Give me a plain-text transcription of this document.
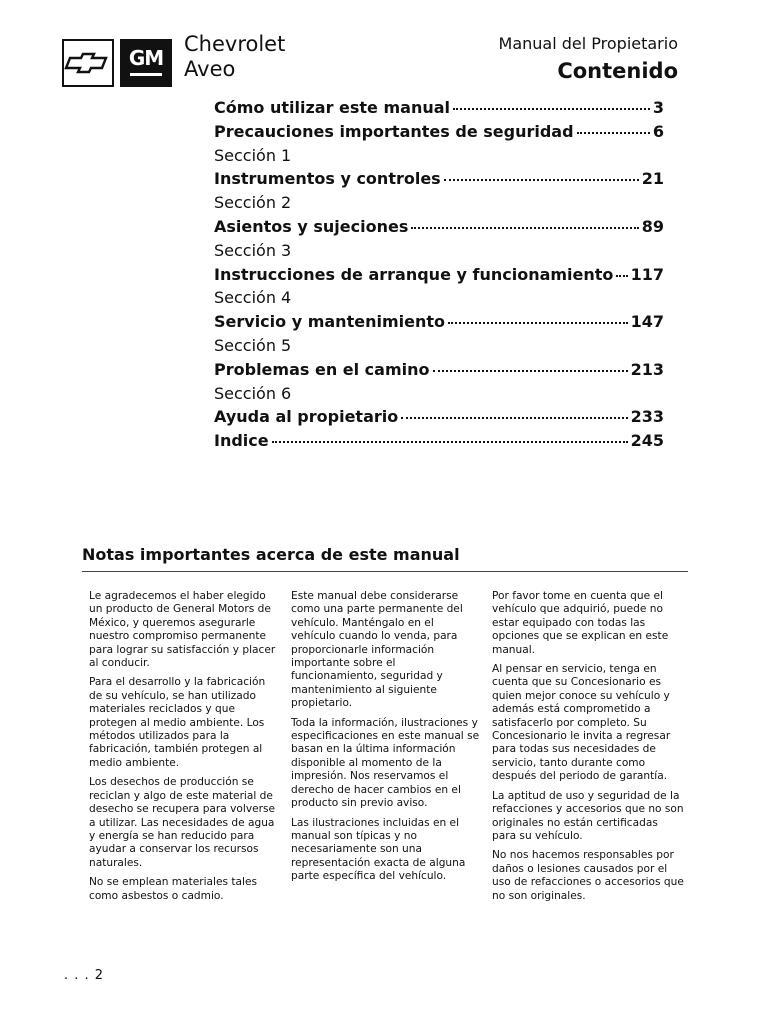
GM
Chevrolet
Aveo
Manual del Propietario
Contenido
Cómo utilizar este manual	3
Precauciones importantes de seguridad	6
Sección 1
Instrumentos y controles	21
Sección 2
Asientos y sujeciones	89
Sección 3
Instrucciones de arranque y funcionamiento 117
Sección 4
Servicio y mantenimiento	147
Sección 5
Problemas en el camino	213
Sección 6
Ayuda al propietario	233
Indice	245
Notas importantes acerca de este manual

Le agradecemos el haber elegido un producto de General Motors de México, y queremos asegurarle nuestro compromiso permanente para lograr su satisfacción y placer al conducir.

Para el desarrollo y la fabricación de su vehículo, se han utilizado materiales reciclados y que protegen al medio ambiente. Los métodos utilizados para la fabricación, también protegen al medio ambiente.

Los desechos de producción se reciclan y algo de este material de desecho se recupera para volverse a utilizar. Las necesidades de agua y energía se han reducido para ayudar a conservar los recursos naturales.

No se emplean materiales tales como asbestos o cadmio.

Este manual debe considerarse como una parte permanente del vehículo. Manténgalo en el vehículo cuando lo venda, para proporcionarle información importante sobre el funcionamiento, seguridad y mantenimiento al siguiente propietario.

Toda la información, ilustraciones y especificaciones en este manual se basan en la última información disponible al momento de la impresión. Nos reservamos el derecho de hacer cambios en el producto sin previo aviso.

Las ilustraciones incluidas en el manual son típicas y no necesariamente son una representación exacta de alguna parte específica del vehículo.

Por favor tome en cuenta que el vehículo que adquirió, puede no estar equipado con todas las opciones que se explican en este manual.

Al pensar en servicio, tenga en cuenta que su Concesionario es quien mejor conoce su vehículo y además está comprometido a satisfacerlo por completo. Su Concesionario le invita a regresar para todas sus necesidades de servicio, tanto durante como después del periodo de garantía.

La aptitud de uso y seguridad de la refacciones y accesorios que no son originales no están certificadas para su vehículo.

No nos hacemos responsables por daños o lesiones causados por el uso de refacciones o accesorios que no son originales.

. . . 2
